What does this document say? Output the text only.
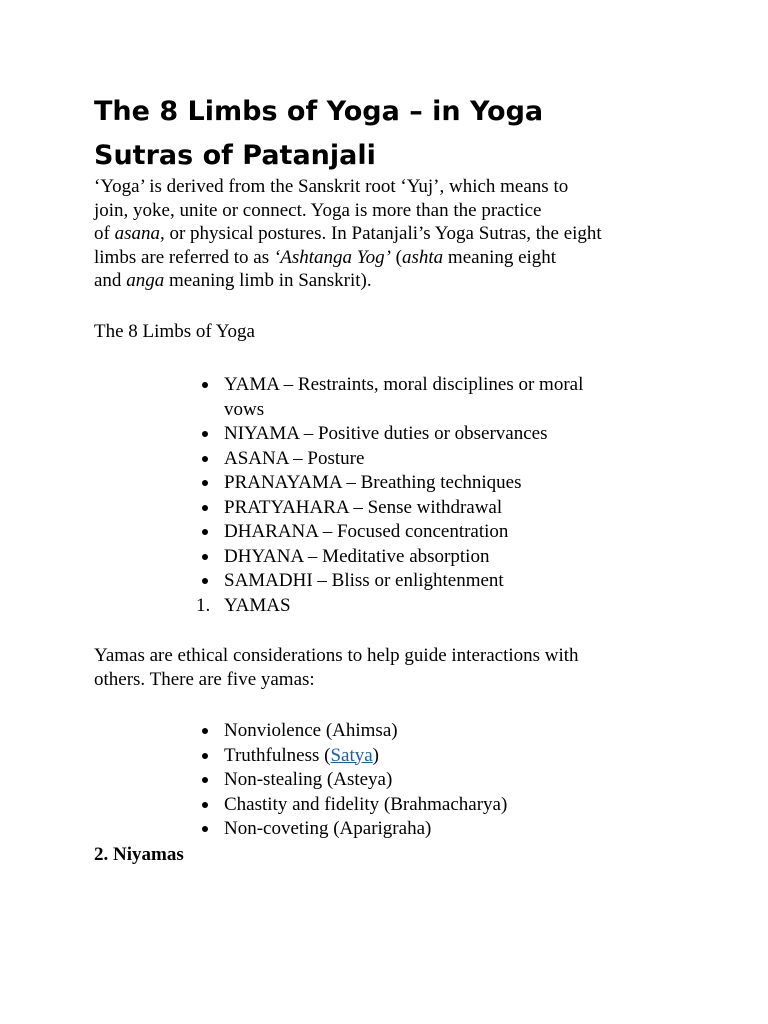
The 8 Limbs of Yoga – in Yoga
Sutras of Patanjali

‘Yoga’ is derived from the Sanskrit root ‘Yuj’, which means to

join, yoke, unite or connect. Yoga is more than the practice

of asana, or physical postures. In Patanjali’s Yoga Sutras, the eight

limbs are referred to as ‘Ashtanga Yog’ (ashta meaning eight

and anga meaning limb in Sanskrit).

The 8 Limbs of Yoga

YAMA – Restraints, moral disciplines or moral
vows
NIYAMA – Positive duties or observances
ASANA – Posture
PRANAYAMA – Breathing techniques
PRATYAHARA – Sense withdrawal
DHARANA – Focused concentration
DHYANA – Meditative absorption
SAMADHI – Bliss or enlightenment
1. YAMAS

Yamas are ethical considerations to help guide interactions with
others. There are five yamas:

Nonviolence (Ahimsa)
Truthfulness (Satya)
Non-stealing (Asteya)
Chastity and fidelity (Brahmacharya)
Non-coveting (Aparigraha)

2. Niyamas
